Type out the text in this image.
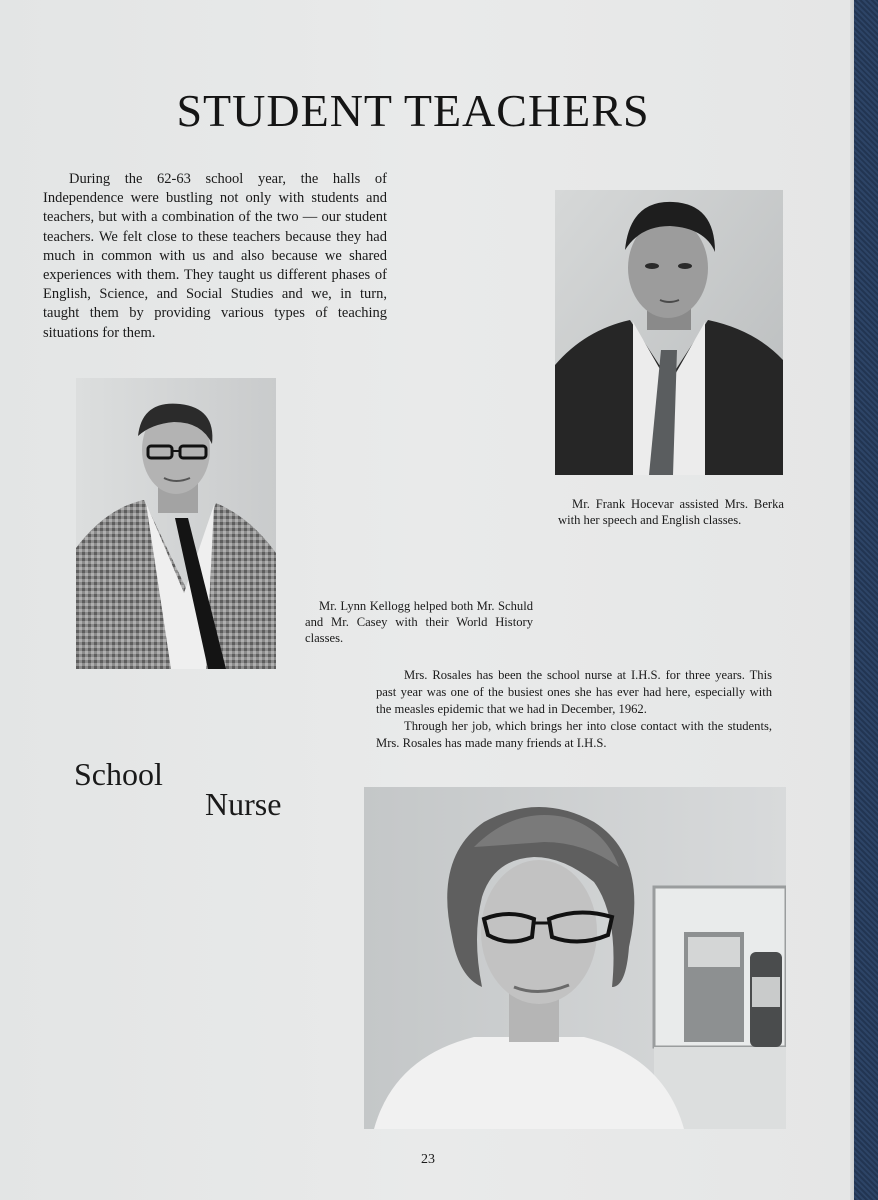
STUDENT TEACHERS

During the 62-63 school year, the halls of Independence were bustling not only with students and teachers, but with a combination of the two — our student teachers. We felt close to these teachers because they had much in common with us and also because we shared experiences with them. They taught us different phases of English, Science, and Social Studies and we, in turn, taught them by providing various types of teaching situations for them.

Mr. Frank Hocevar assisted Mrs. Berka with her speech and English classes.

Mr. Lynn Kellogg helped both Mr. Schuld and Mr. Casey with their World History classes.

Mrs. Rosales has been the school nurse at I.H.S. for three years. This past year was one of the busiest ones she has ever had here, especially with the measles epidemic that we had in December, 1962.

Through her job, which brings her into close contact with the students, Mrs. Rosales has made many friends at I.H.S.

School
Nurse
23
